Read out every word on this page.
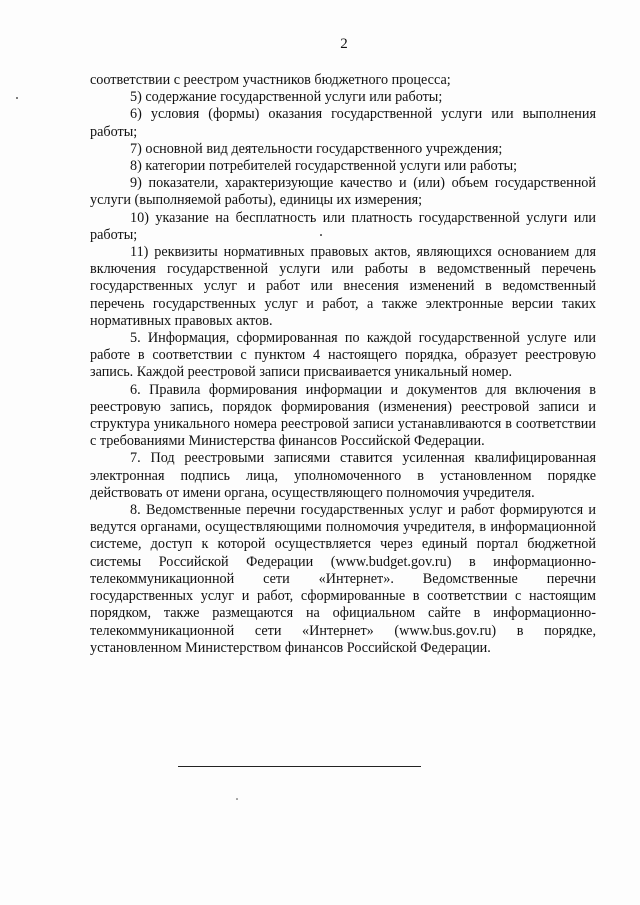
2

соответствии с реестром участников бюджетного процесса;

5) содержание государственной услуги или работы;

6) условия (формы) оказания государственной услуги или выполнения работы;

7) основной вид деятельности государственного учреждения;

8) категории потребителей государственной услуги или работы;

9) показатели, характеризующие качество и (или) объем государственной услуги (выполняемой работы), единицы их измерения;

10) указание на бесплатность или платность государственной услуги или работы;

11) реквизиты нормативных правовых актов, являющихся основанием для включения государственной услуги или работы в ведомственный перечень государственных услуг и работ или внесения изменений в ведомственный перечень государственных услуг и работ, а также электронные версии таких нормативных правовых актов.

5. Информация, сформированная по каждой государственной услуге или работе в соответствии с пунктом 4 настоящего порядка, образует реестровую запись. Каждой реестровой записи присваивается уникальный номер.

6. Правила формирования информации и документов для включения в реестровую запись, порядок формирования (изменения) реестровой записи и структура уникального номера реестровой записи устанавливаются в соответствии с требованиями Министерства финансов Российской Федерации.

7. Под реестровыми записями ставится усиленная квалифицированная электронная подпись лица, уполномоченного в установленном порядке действовать от имени органа, осуществляющего полномочия учредителя.

8. Ведомственные перечни государственных услуг и работ формируются и ведутся органами, осуществляющими полномочия учредителя, в информационной системе, доступ к которой осуществляется через единый портал бюджетной системы Российской Федерации (www.budget.gov.ru) в информационно-телекоммуникационной сети «Интернет». Ведомственные перечни государственных услуг и работ, сформированные в соответствии с настоящим порядком, также размещаются на официальном сайте в информационно-телекоммуникационной сети «Интернет» (www.bus.gov.ru) в порядке, установленном Министерством финансов Российской Федерации.
